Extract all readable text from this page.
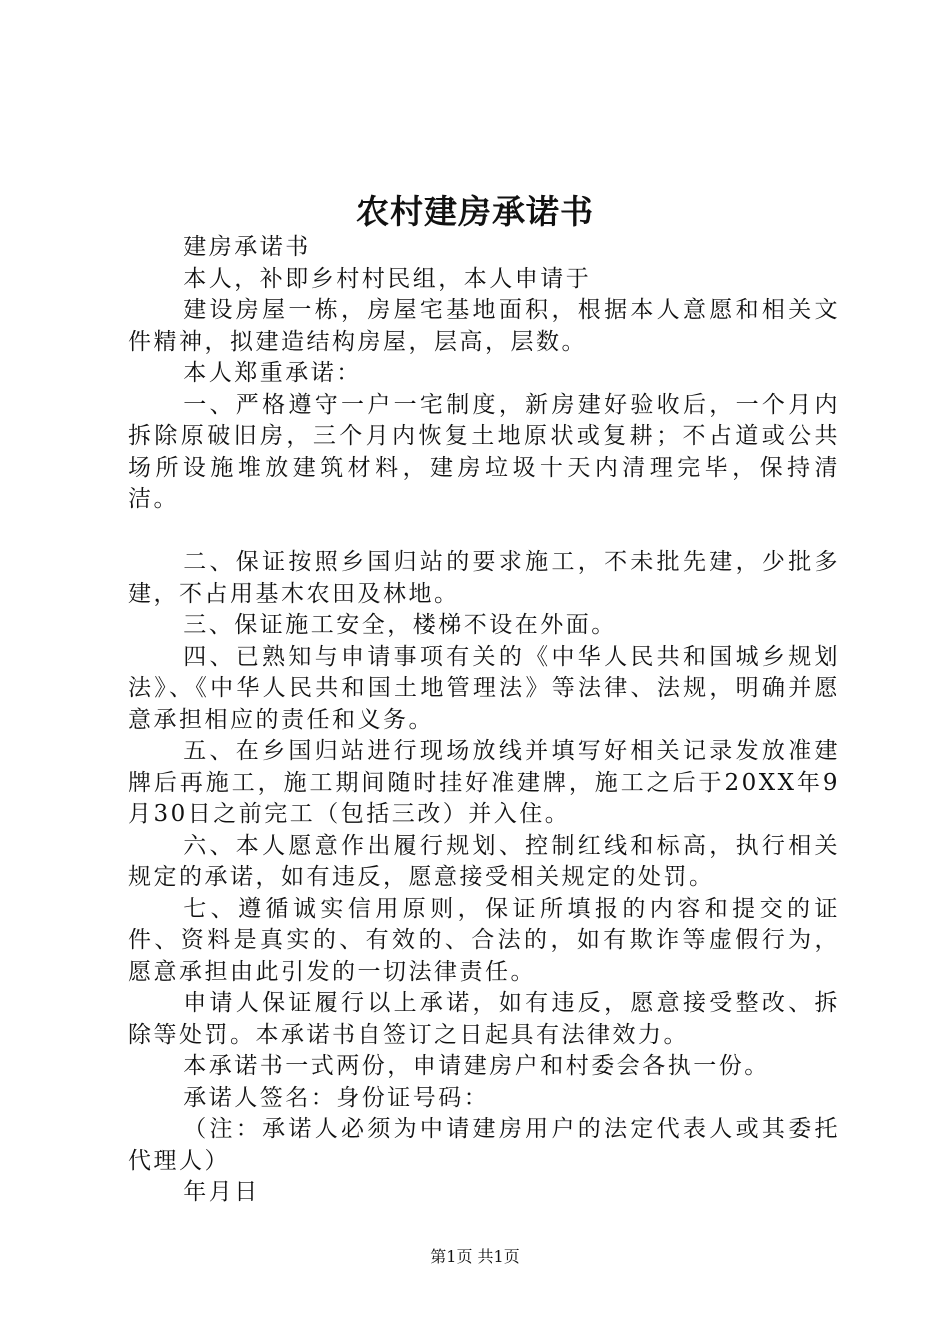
农村建房承诺书

建房承诺书

本人，补即乡村村民组，本人申请于

建设房屋一栋，房屋宅基地面积，根据本人意愿和相关文件精神，拟建造结构房屋，层高，层数。

本人郑重承诺：

一、严格遵守一户一宅制度，新房建好验收后，一个月内拆除原破旧房，三个月内恢复土地原状或复耕；不占道或公共场所设施堆放建筑材料，建房垃圾十天内清理完毕，保持清洁。

二、保证按照乡国归站的要求施工，不未批先建，少批多建，不占用基木农田及林地。

三、保证施工安全，楼梯不设在外面。

四、已熟知与申请事项有关的《中华人民共和国城乡规划法》、《中华人民共和国土地管理法》等法律、法规，明确并愿意承担相应的责任和义务。

五、在乡国归站进行现场放线并填写好相关记录发放准建牌后再施工，施工期间随时挂好准建牌，施工之后于20XX年9月30日之前完工（包括三改）并入住。

六、本人愿意作出履行规划、控制红线和标高，执行相关规定的承诺，如有违反，愿意接受相关规定的处罚。

七、遵循诚实信用原则，保证所填报的内容和提交的证件、资料是真实的、有效的、合法的，如有欺诈等虚假行为，愿意承担由此引发的一切法律责任。

申请人保证履行以上承诺，如有违反，愿意接受整改、拆除等处罚。本承诺书自签订之日起具有法律效力。

本承诺书一式两份，申请建房户和村委会各执一份。

承诺人签名：身份证号码：

（注：承诺人必须为中请建房用户的法定代表人或其委托代理人）

年月日

第1页 共1页
